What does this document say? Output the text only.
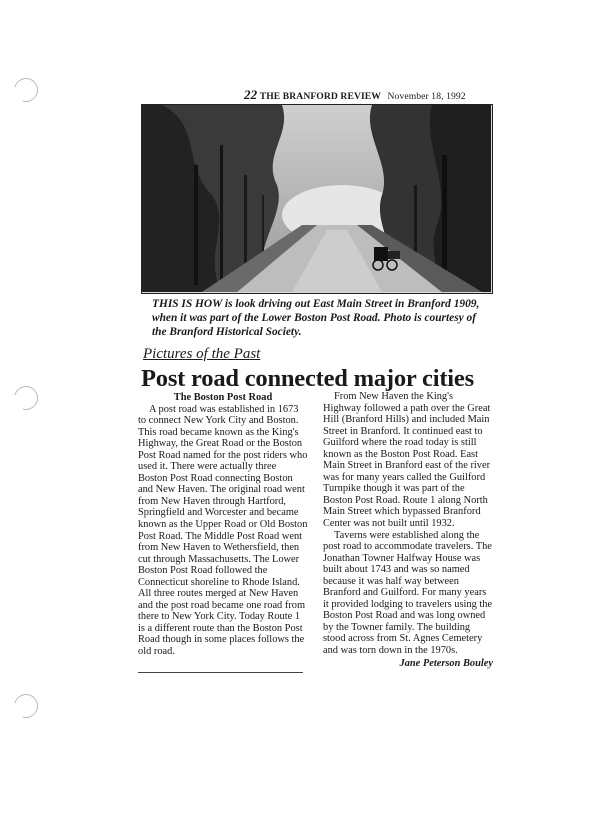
22 THE BRANFORD REVIEW November 18, 1992
THIS IS HOW is look driving out East Main Street in Branford 1909, when it was part of the Lower Boston Post Road. Photo is courtesy of the Branford Historical Society.
Pictures of the Past
Post road connected major cities
The Boston Post Road

A post road was established in 1673 to connect New York City and Boston. This road became known as the King's Highway, the Great Road or the Boston Post Road named for the post riders who used it. There were actually three Boston Post Road connecting Boston and New Haven. The original road went from New Haven through Hartford, Springfield and Worcester and became known as the Upper Road or Old Boston Post Road. The Middle Post Road went from New Haven to Wethersfield, then cut through Massachusetts. The Lower Boston Post Road followed the Connecticut shoreline to Rhode Island. All three routes merged at New Haven and the post road became one road from there to New York City. Today Route 1 is a different route than the Boston Post Road though in some places follows the old road.

From New Haven the King's Highway followed a path over the Great Hill (Branford Hills) and included Main Street in Branford. It continued east to Guilford where the road today is still known as the Boston Post Road. East Main Street in Branford east of the river was for many years called the Guilford Turnpike though it was part of the Boston Post Road. Route 1 along North Main Street which bypassed Branford Center was not built until 1932.

Taverns were established along the post road to accommodate travelers. The Jonathan Towner Halfway House was built about 1743 and was so named because it was half way between Branford and Guilford. For many years it provided lodging to travelers using the Boston Post Road and was long owned by the Towner family. The building stood across from St. Agnes Cemetery and was torn down in the 1970s.

Jane Peterson Bouley
